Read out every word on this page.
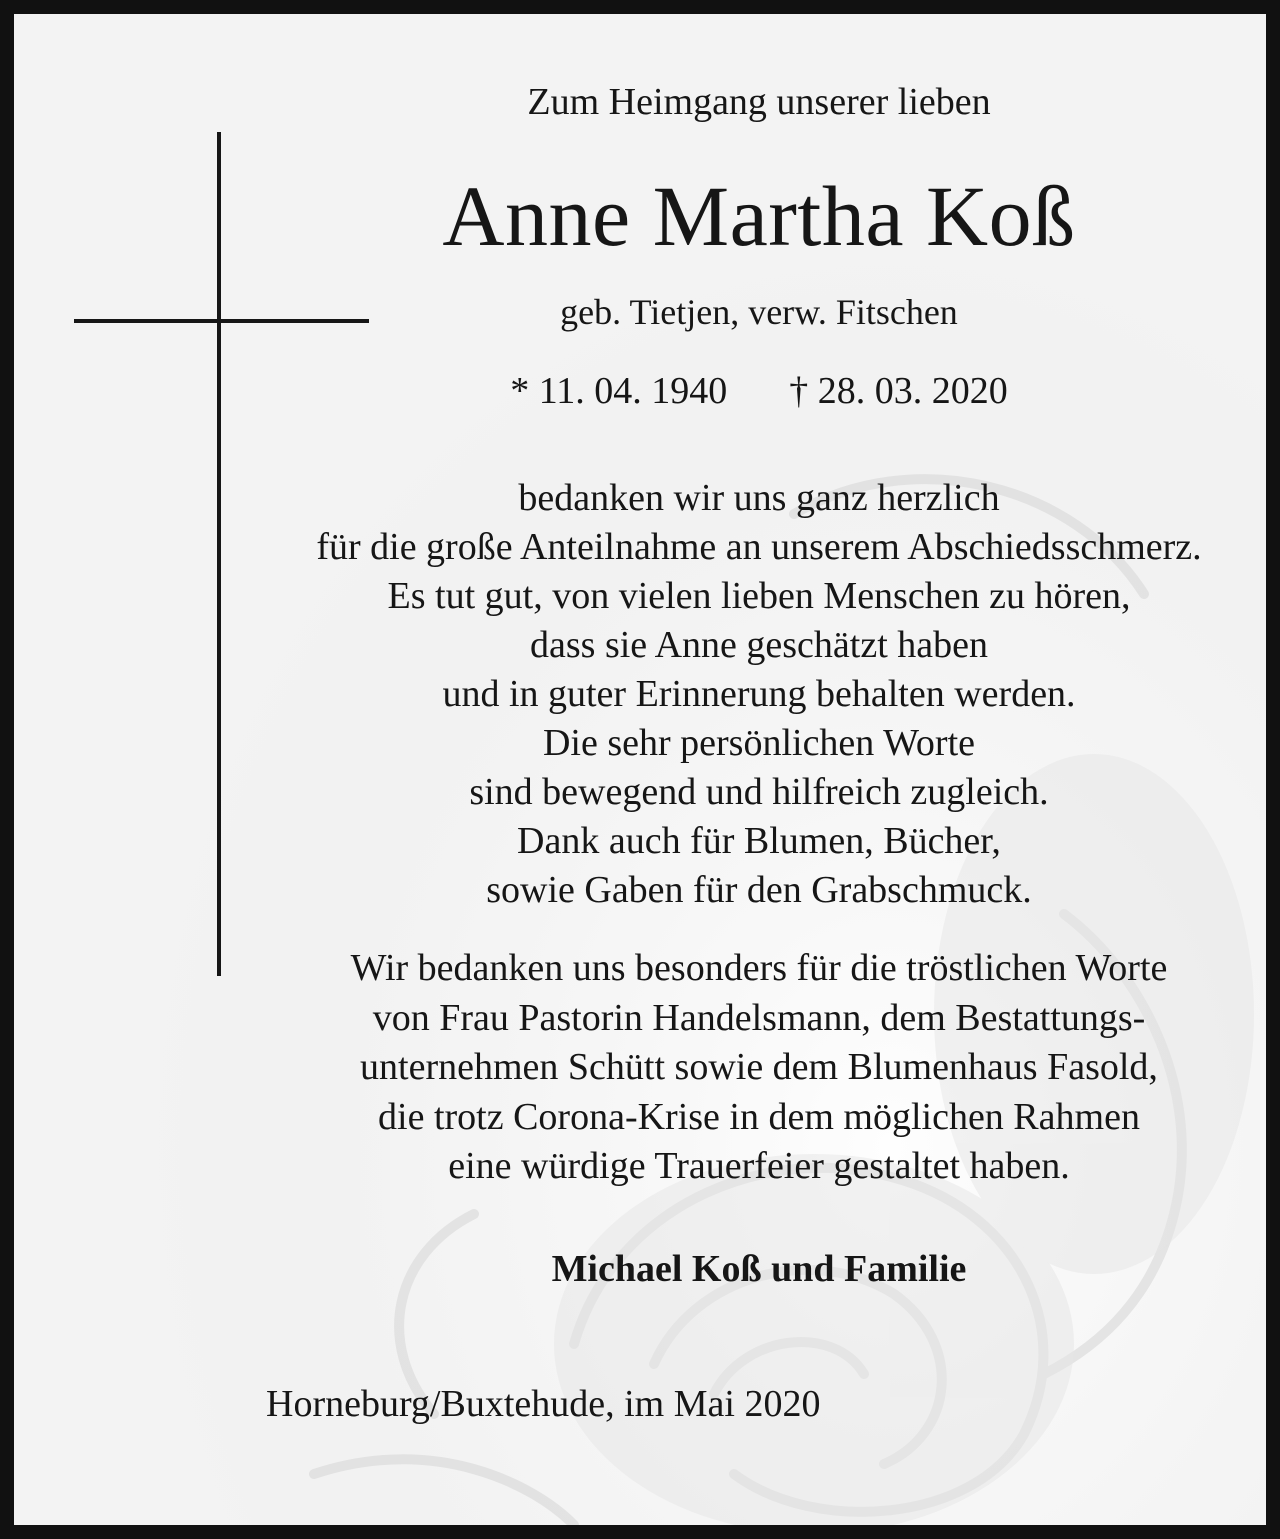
Zum Heimgang unserer lieben
Anne Martha Koß
geb. Tietjen, verw. Fitschen
* 11. 04. 1940 † 28. 03. 2020
bedanken wir uns ganz herzlich
für die große Anteilnahme an unserem Abschiedsschmerz.
Es tut gut, von vielen lieben Menschen zu hören,
dass sie Anne geschätzt haben
und in guter Erinnerung behalten werden.
Die sehr persönlichen Worte
sind bewegend und hilfreich zugleich.
Dank auch für Blumen, Bücher,
sowie Gaben für den Grabschmuck.
Wir bedanken uns besonders für die tröstlichen Worte
von Frau Pastorin Handelsmann, dem Bestattungs-
unternehmen Schütt sowie dem Blumenhaus Fasold,
die trotz Corona-Krise in dem möglichen Rahmen
eine würdige Trauerfeier gestaltet haben.
Michael Koß und Familie
Horneburg/Buxtehude, im Mai 2020
